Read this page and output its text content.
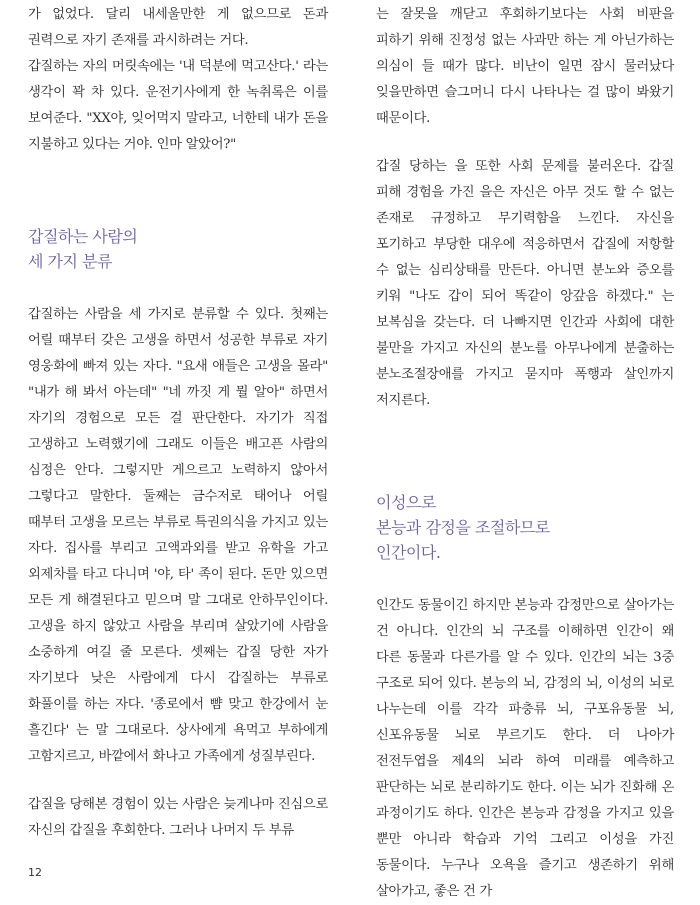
가 없었다. 달리 내세울만한 게 없으므로 돈과 권력으로 자기 존재를 과시하려는 거다.

갑질하는 자의 머릿속에는 '내 덕분에 먹고산다.' 라는 생각이 꽉 차 있다. 운전기사에게 한 녹취록은 이를 보여준다. "XX야, 잊어먹지 말라고, 너한테 내가 돈을 지불하고 있다는 거야. 인마 알았어?"

갑질하는 사람의

세 가지 분류

갑질하는 사람을 세 가지로 분류할 수 있다. 첫째는 어릴 때부터 갖은 고생을 하면서 성공한 부류로 자기 영웅화에 빠져 있는 자다. "요새 애들은 고생을 몰라" "내가 해 봐서 아는데" "네 까짓 게 뭘 알아" 하면서 자기의 경험으로 모든 걸 판단한다. 자기가 직접 고생하고 노력했기에 그래도 이들은 배고픈 사람의 심정은 안다. 그렇지만 게으르고 노력하지 않아서 그렇다고 말한다. 둘째는 금수저로 태어나 어릴 때부터 고생을 모르는 부류로 특권의식을 가지고 있는 자다. 집사를 부리고 고액과외를 받고 유학을 가고 외제차를 타고 다니며 '야, 타' 족이 된다. 돈만 있으면 모든 게 해결된다고 믿으며 말 그대로 안하무인이다. 고생을 하지 않았고 사람을 부리며 살았기에 사람을 소중하게 여길 줄 모른다. 셋째는 갑질 당한 자가 자기보다 낮은 사람에게 다시 갑질하는 부류로 화풀이를 하는 자다. '종로에서 뺨 맞고 한강에서 눈 흘긴다' 는 말 그대로다. 상사에게 욕먹고 부하에게 고함지르고, 바깥에서 화나고 가족에게 성질부린다.

갑질을 당해본 경험이 있는 사람은 늦게나마 진심으로 자신의 갑질을 후회한다. 그러나 나머지 두 부류

는 잘못을 깨닫고 후회하기보다는 사회 비판을 피하기 위해 진정성 없는 사과만 하는 게 아닌가하는 의심이 들 때가 많다. 비난이 일면 잠시 물러났다 잊을만하면 슬그머니 다시 나타나는 걸 많이 봐왔기 때문이다.

갑질 당하는 을 또한 사회 문제를 불러온다. 갑질 피해 경험을 가진 을은 자신은 아무 것도 할 수 없는 존재로 규정하고 무기력함을 느낀다. 자신을 포기하고 부당한 대우에 적응하면서 갑질에 저항할 수 없는 심리상태를 만든다. 아니면 분노와 증오를 키워 "나도 갑이 되어 똑같이 앙갚음 하겠다." 는 보복심을 갖는다. 더 나빠지면 인간과 사회에 대한 불만을 가지고 자신의 분노를 아무나에게 분출하는 분노조절장애를 가지고 묻지마 폭행과 살인까지 저지른다.

이성으로

본능과 감정을 조절하므로

인간이다.

인간도 동물이긴 하지만 본능과 감정만으로 살아가는 건 아니다. 인간의 뇌 구조를 이해하면 인간이 왜 다른 동물과 다른가를 알 수 있다. 인간의 뇌는 3중 구조로 되어 있다. 본능의 뇌, 감정의 뇌, 이성의 뇌로 나누는데 이를 각각 파충류 뇌, 구포유동물 뇌, 신포유동물 뇌로 부르기도 한다. 더 나아가 전전두엽을 제4의 뇌라 하여 미래를 예측하고 판단하는 뇌로 분리하기도 한다. 이는 뇌가 진화해 온 과정이기도 하다. 인간은 본능과 감정을 가지고 있을 뿐만 아니라 학습과 기억 그리고 이성을 가진 동물이다. 누구나 오욕을 즐기고 생존하기 위해 살아가고, 좋은 건 가

12
